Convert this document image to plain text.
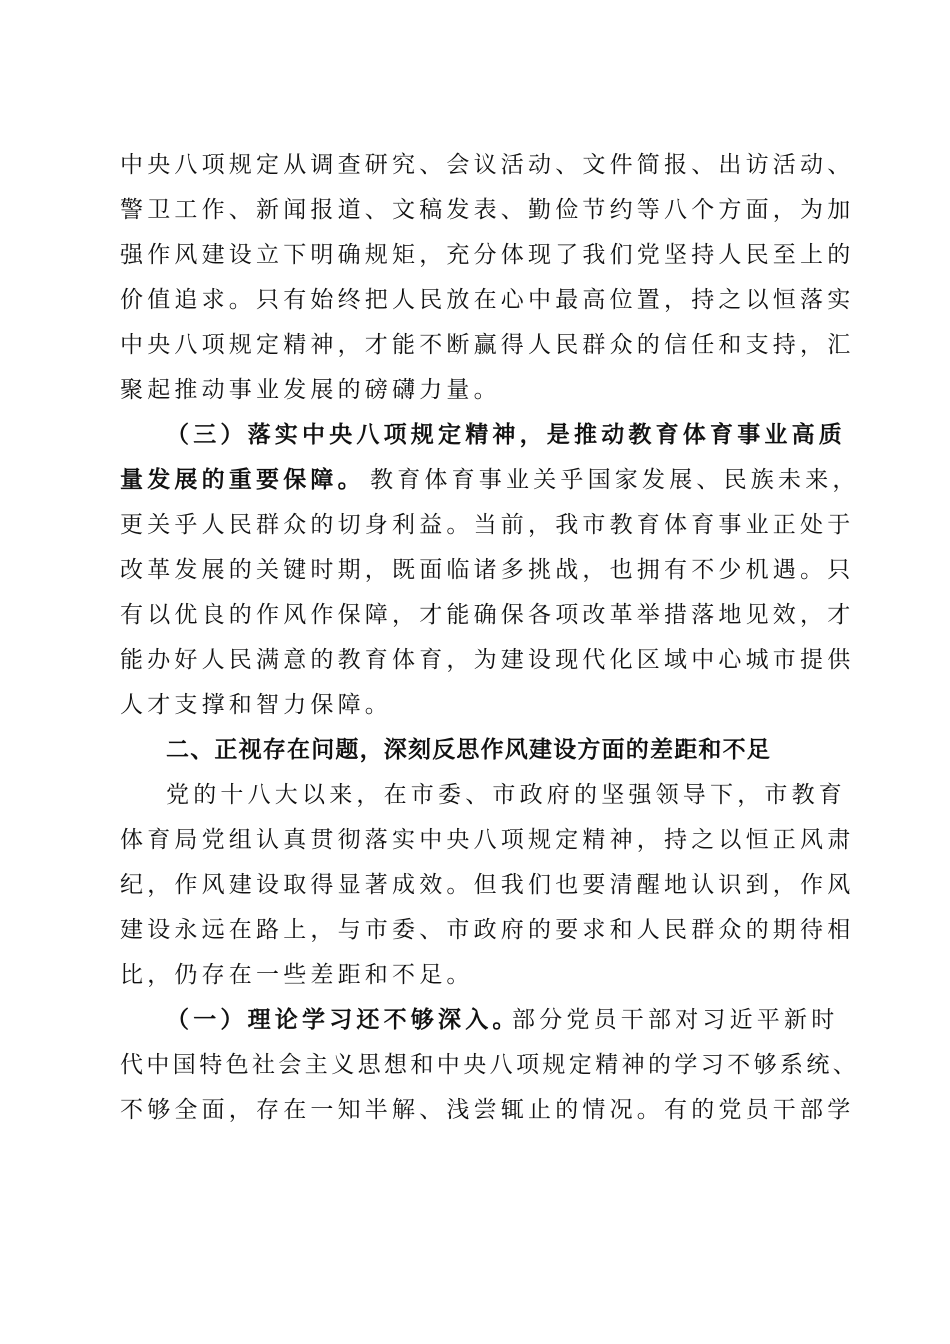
中央八项规定从调查研究、会议活动、文件简报、出访活动、
警卫工作、新闻报道、文稿发表、勤俭节约等八个方面，为加
强作风建设立下明确规矩，充分体现了我们党坚持人民至上的
价值追求。只有始终把人民放在心中最高位置，持之以恒落实
中央八项规定精神，才能不断赢得人民群众的信任和支持，汇
聚起推动事业发展的磅礴力量。
（三）落实中央八项规定精神，是推动教育体育事业高质
量发展的重要保障。 教育体育事业关乎国家发展、民族未来，
更关乎人民群众的切身利益。当前，我市教育体育事业正处于
改革发展的关键时期，既面临诸多挑战，也拥有不少机遇。只
有以优良的作风作保障，才能确保各项改革举措落地见效，才
能办好人民满意的教育体育，为建设现代化区域中心城市提供
人才支撑和智力保障。
二、正视存在问题，深刻反思作风建设方面的差距和不足
党的十八大以来，在市委、市政府的坚强领导下，市教育
体育局党组认真贯彻落实中央八项规定精神，持之以恒正风肃
纪，作风建设取得显著成效。但我们也要清醒地认识到，作风
建设永远在路上，与市委、市政府的要求和人民群众的期待相
比，仍存在一些差距和不足。
（一）理论学习还不够深入。
部分党员干部对习近平新时
代中国特色社会主义思想和中央八项规定精神的学习不够系统、
不够全面，存在一知半解、浅尝辄止的情况。有的党员干部学
